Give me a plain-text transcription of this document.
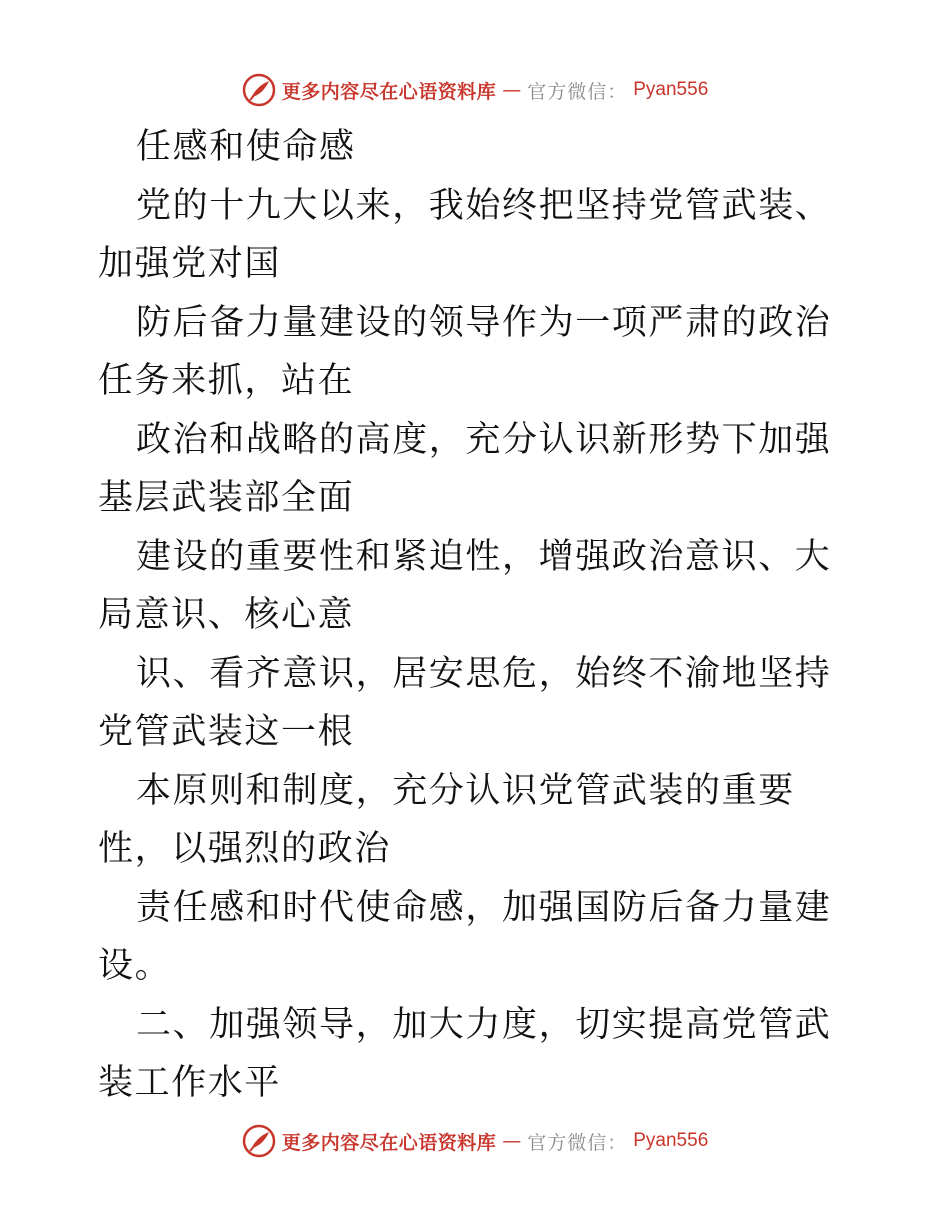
更多内容尽在心语资料库 — 官方微信： Pyan556

任感和使命感

党的十九大以来，我始终把坚持党管武装、加强党对国

防后备力量建设的领导作为一项严肃的政治任务来抓，站在

政治和战略的高度，充分认识新形势下加强基层武装部全面

建设的重要性和紧迫性，增强政治意识、大局意识、核心意

识、看齐意识，居安思危，始终不渝地坚持党管武装这一根

本原则和制度，充分认识党管武装的重要性，以强烈的政治

责任感和时代使命感，加强国防后备力量建设。

二、加强领导，加大力度，切实提高党管武装工作水平

更多内容尽在心语资料库 — 官方微信： Pyan556
